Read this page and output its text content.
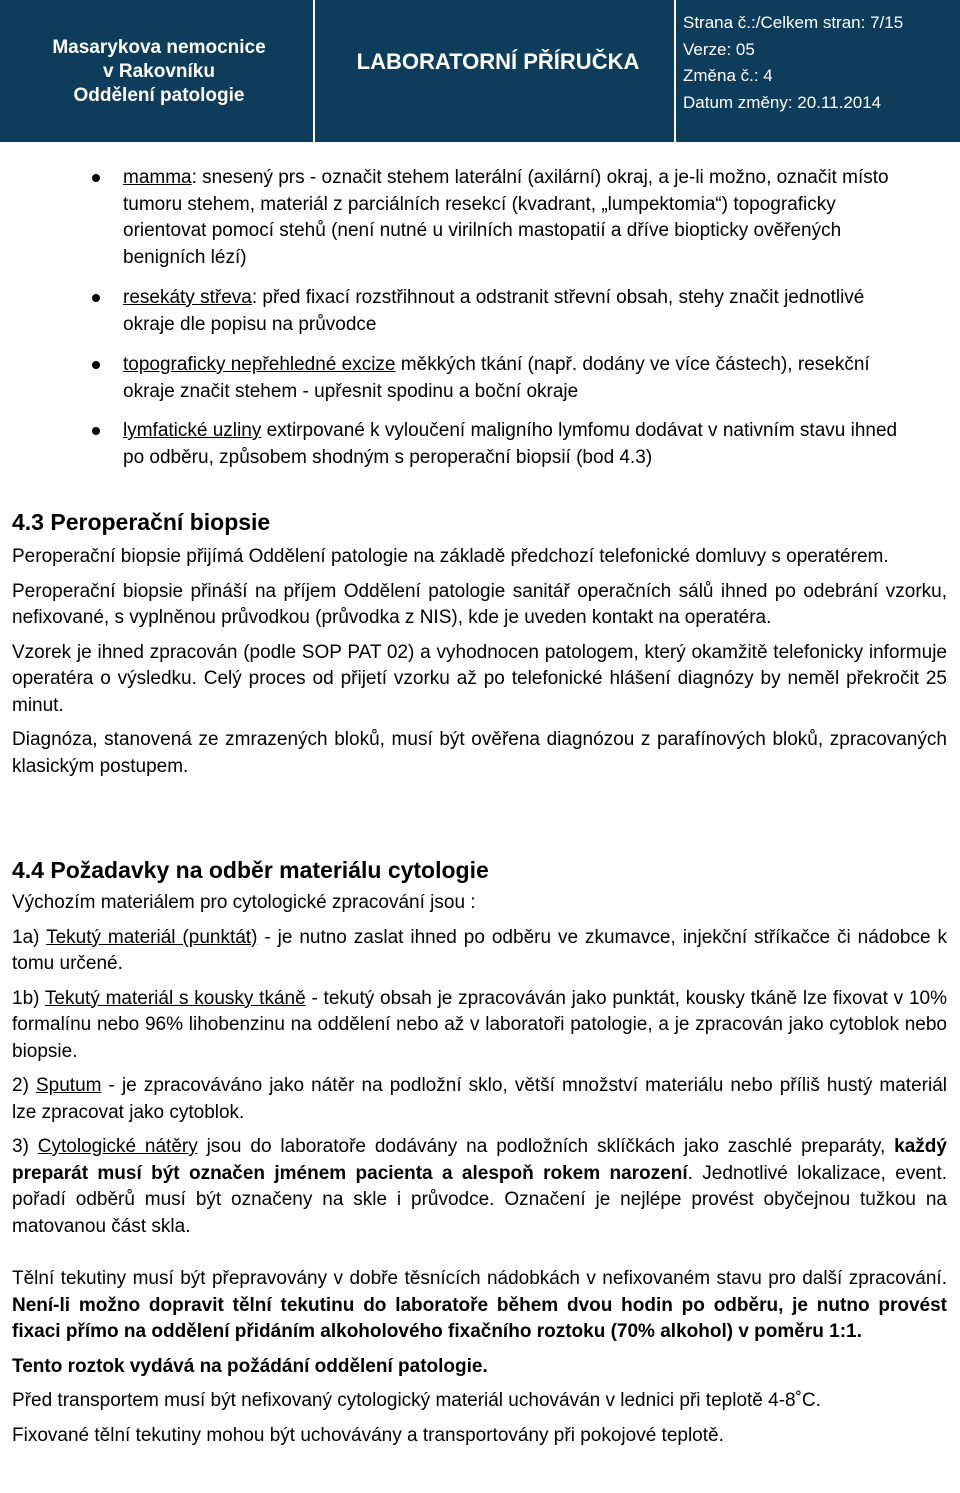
Masarykova nemocnice
v Rakovníku
Oddělení patologie
LABORATORNÍ PŘÍRUČKA
Strana č.:/Celkem stran: 7/15
Verze: 05
Změna č.: 4
Datum změny: 20.11.2014
mamma: snesený prs - označit stehem laterální (axilární) okraj, a je-li možno, označit místo tumoru stehem, materiál z parciálních resekcí (kvadrant, „lumpektomia“) topograficky orientovat pomocí stehů (není nutné u virilních mastopatií a dříve biopticky ověřených benigních lézí)
resekáty střeva: před fixací rozstřihnout a odstranit střevní obsah, stehy značit jednotlivé okraje dle popisu na průvodce
topograficky nepřehledné excize měkkých tkání (např. dodány ve více částech), resekční okraje značit stehem - upřesnit spodinu a boční okraje
lymfatické uzliny extirpované k vyloučení maligního lymfomu dodávat v nativním stavu ihned po odběru, způsobem shodným s peroperační biopsií (bod 4.3)
4.3 Peroperační biopsie
Peroperační biopsie přijímá Oddělení patologie na základě předchozí telefonické domluvy s operatérem.
Peroperační biopsie přináší na příjem Oddělení patologie sanitář operačních sálů ihned po odebrání vzorku, nefixované, s vyplněnou průvodkou (průvodka z NIS), kde je uveden kontakt na operatéra.
Vzorek je ihned zpracován (podle SOP PAT 02) a vyhodnocen patologem, který okamžitě telefonicky informuje operatéra o výsledku. Celý proces od přijetí vzorku až po telefonické hlášení diagnózy by neměl překročit 25 minut.
Diagnóza, stanovená ze zmrazených bloků, musí být ověřena diagnózou z parafínových bloků, zpracovaných klasickým postupem.
4.4 Požadavky na odběr materiálu cytologie
Výchozím materiálem pro cytologické zpracování jsou :
1a) Tekutý materiál (punktát) - je nutno zaslat ihned po odběru ve zkumavce, injekční stříkačce či nádobce k tomu určené.
1b) Tekutý materiál s kousky tkáně - tekutý obsah je zpracováván jako punktát, kousky tkáně lze fixovat v 10% formalínu nebo 96% lihobenzinu na oddělení nebo až v laboratoři patologie, a je zpracován jako cytoblok nebo biopsie.
2) Sputum - je zpracováváno jako nátěr na podložní sklo, větší množství materiálu nebo příliš hustý materiál lze zpracovat jako cytoblok.
3) Cytologické nátěry jsou do laboratoře dodávány na podložních sklíčkách jako zaschlé preparáty, každý preparát musí být označen jménem pacienta a alespoň rokem narození. Jednotlivé lokalizace, event. pořadí odběrů musí být označeny na skle i průvodce. Označení je nejlépe provést obyčejnou tužkou na matovanou část skla.
Tělní tekutiny musí být přepravovány v dobře těsnících nádobkách v nefixovaném stavu pro další zpracování. Není-li možno dopravit tělní tekutinu do laboratoře během dvou hodin po odběru, je nutno provést fixaci přímo na oddělení přidáním alkoholového fixačního roztoku (70% alkohol) v poměru 1:1.
Tento roztok vydává na požádání oddělení patologie.
Před transportem musí být nefixovaný cytologický materiál uchováván v lednici při teplotě 4-8˚C.
Fixované tělní tekutiny mohou být uchovávány a transportovány při pokojové teplotě.
